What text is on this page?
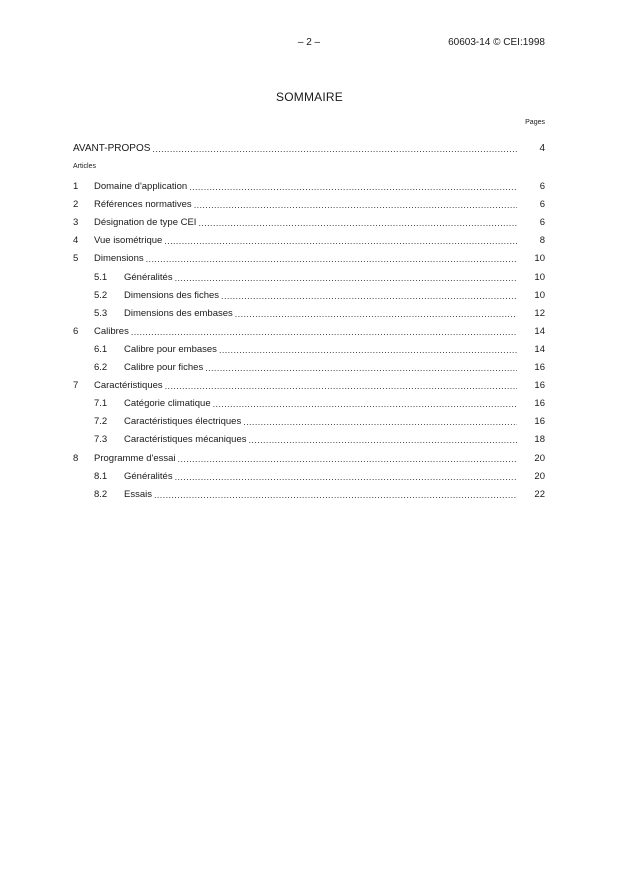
– 2 –	60603-14 © CEI:1998
SOMMAIRE
Pages
AVANT-PROPOS .....	4
Articles
1	Domaine d'application .....	6
2	Références normatives .....	6
3	Désignation de type CEI .....	6
4	Vue isométrique .....	8
5	Dimensions .....	10
5.1	Généralités .....	10
5.2	Dimensions des fiches .....	10
5.3	Dimensions des embases .....	12
6	Calibres .....	14
6.1	Calibre pour embases .....	14
6.2	Calibre pour fiches .....	16
7	Caractéristiques .....	16
7.1	Catégorie climatique .....	16
7.2	Caractéristiques électriques .....	16
7.3	Caractéristiques mécaniques .....	18
8	Programme d'essai .....	20
8.1	Généralités .....	20
8.2	Essais .....	22
